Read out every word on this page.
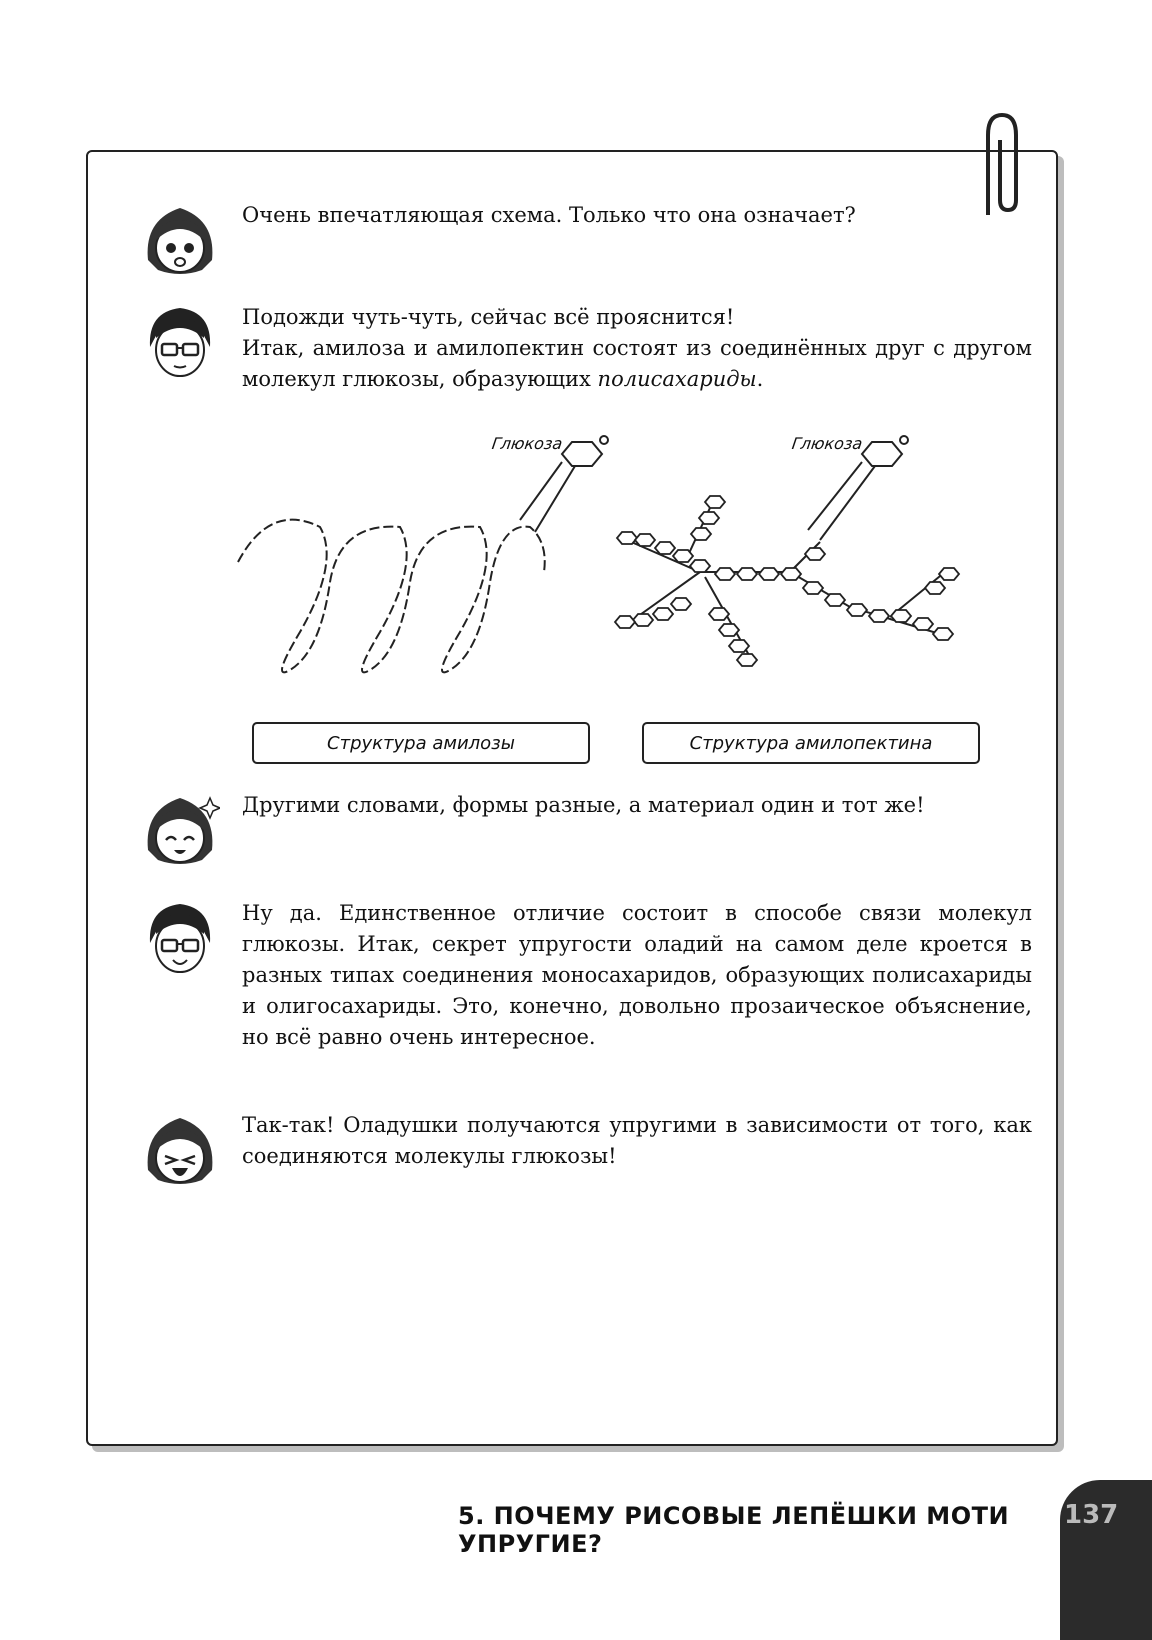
Очень впечатляющая схема. Только что она означает?
Подожди чуть-чуть, сейчас всё прояснится!
Итак, амилоза и амилопектин состоят из соединённых друг с другом молекул глюкозы, образующих полисахариды.
Глюкоза	Глюкоза
Структура амилозы	Структура амилопектина
Другими словами, формы разные, а материал один и тот же!
Ну да. Единственное отличие состоит в способе связи молекул глюкозы. Итак, секрет упругости оладий на самом деле кроется в разных типах соединения моносахаридов, образующих полисахариды и олигосахариды. Это, конечно, довольно прозаическое объяснение, но всё равно очень интересное.
Так-так! Оладушки получаются упругими в зависимости от того, как соединяются молекулы глюкозы!
5. ПОЧЕМУ РИСОВЫЕ ЛЕПЁШКИ МОТИ УПРУГИЕ?
137
